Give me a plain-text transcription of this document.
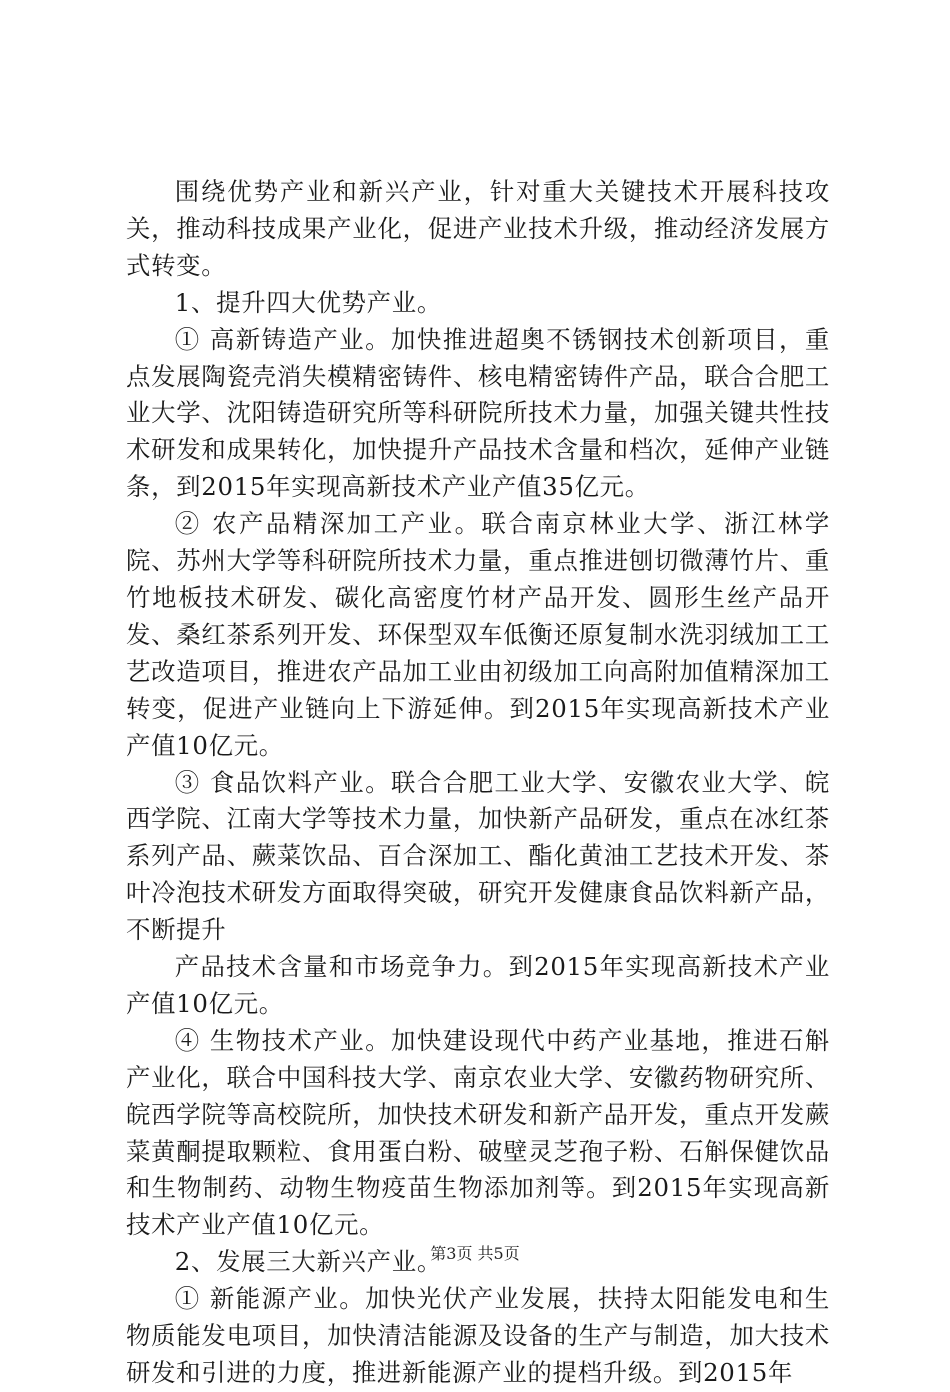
围绕优势产业和新兴产业，针对重大关键技术开展科技攻关，推动科技成果产业化，促进产业技术升级，推动经济发展方式转变。

1、提升四大优势产业。

① 高新铸造产业。加快推进超奥不锈钢技术创新项目，重点发展陶瓷壳消失模精密铸件、核电精密铸件产品，联合合肥工业大学、沈阳铸造研究所等科研院所技术力量，加强关键共性技术研发和成果转化，加快提升产品技术含量和档次，延伸产业链条，到2015年实现高新技术产业产值35亿元。

② 农产品精深加工产业。联合南京林业大学、浙江林学院、苏州大学等科研院所技术力量，重点推进刨切微薄竹片、重竹地板技术研发、碳化高密度竹材产品开发、圆形生丝产品开发、桑红茶系列开发、环保型双车低衡还原复制水洗羽绒加工工艺改造项目，推进农产品加工业由初级加工向高附加值精深加工转变，促进产业链向上下游延伸。到2015年实现高新技术产业产值10亿元。

③ 食品饮料产业。联合合肥工业大学、安徽农业大学、皖西学院、江南大学等技术力量，加快新产品研发，重点在冰红茶系列产品、蕨菜饮品、百合深加工、酯化黄油工艺技术开发、茶叶冷泡技术研发方面取得突破，研究开发健康食品饮料新产品，不断提升

产品技术含量和市场竞争力。到2015年实现高新技术产业产值10亿元。

④ 生物技术产业。加快建设现代中药产业基地，推进石斛产业化，联合中国科技大学、南京农业大学、安徽药物研究所、皖西学院等高校院所，加快技术研发和新产品开发，重点开发蕨菜黄酮提取颗粒、食用蛋白粉、破壁灵芝孢子粉、石斛保健饮品和生物制药、动物生物疫苗生物添加剂等。到2015年实现高新技术产业产值10亿元。

2、发展三大新兴产业。

① 新能源产业。加快光伏产业发展，扶持太阳能发电和生物质能发电项目，加快清洁能源及设备的生产与制造，加大技术研发和引进的力度，推进新能源产业的提档升级。到2015年

第3页 共5页
